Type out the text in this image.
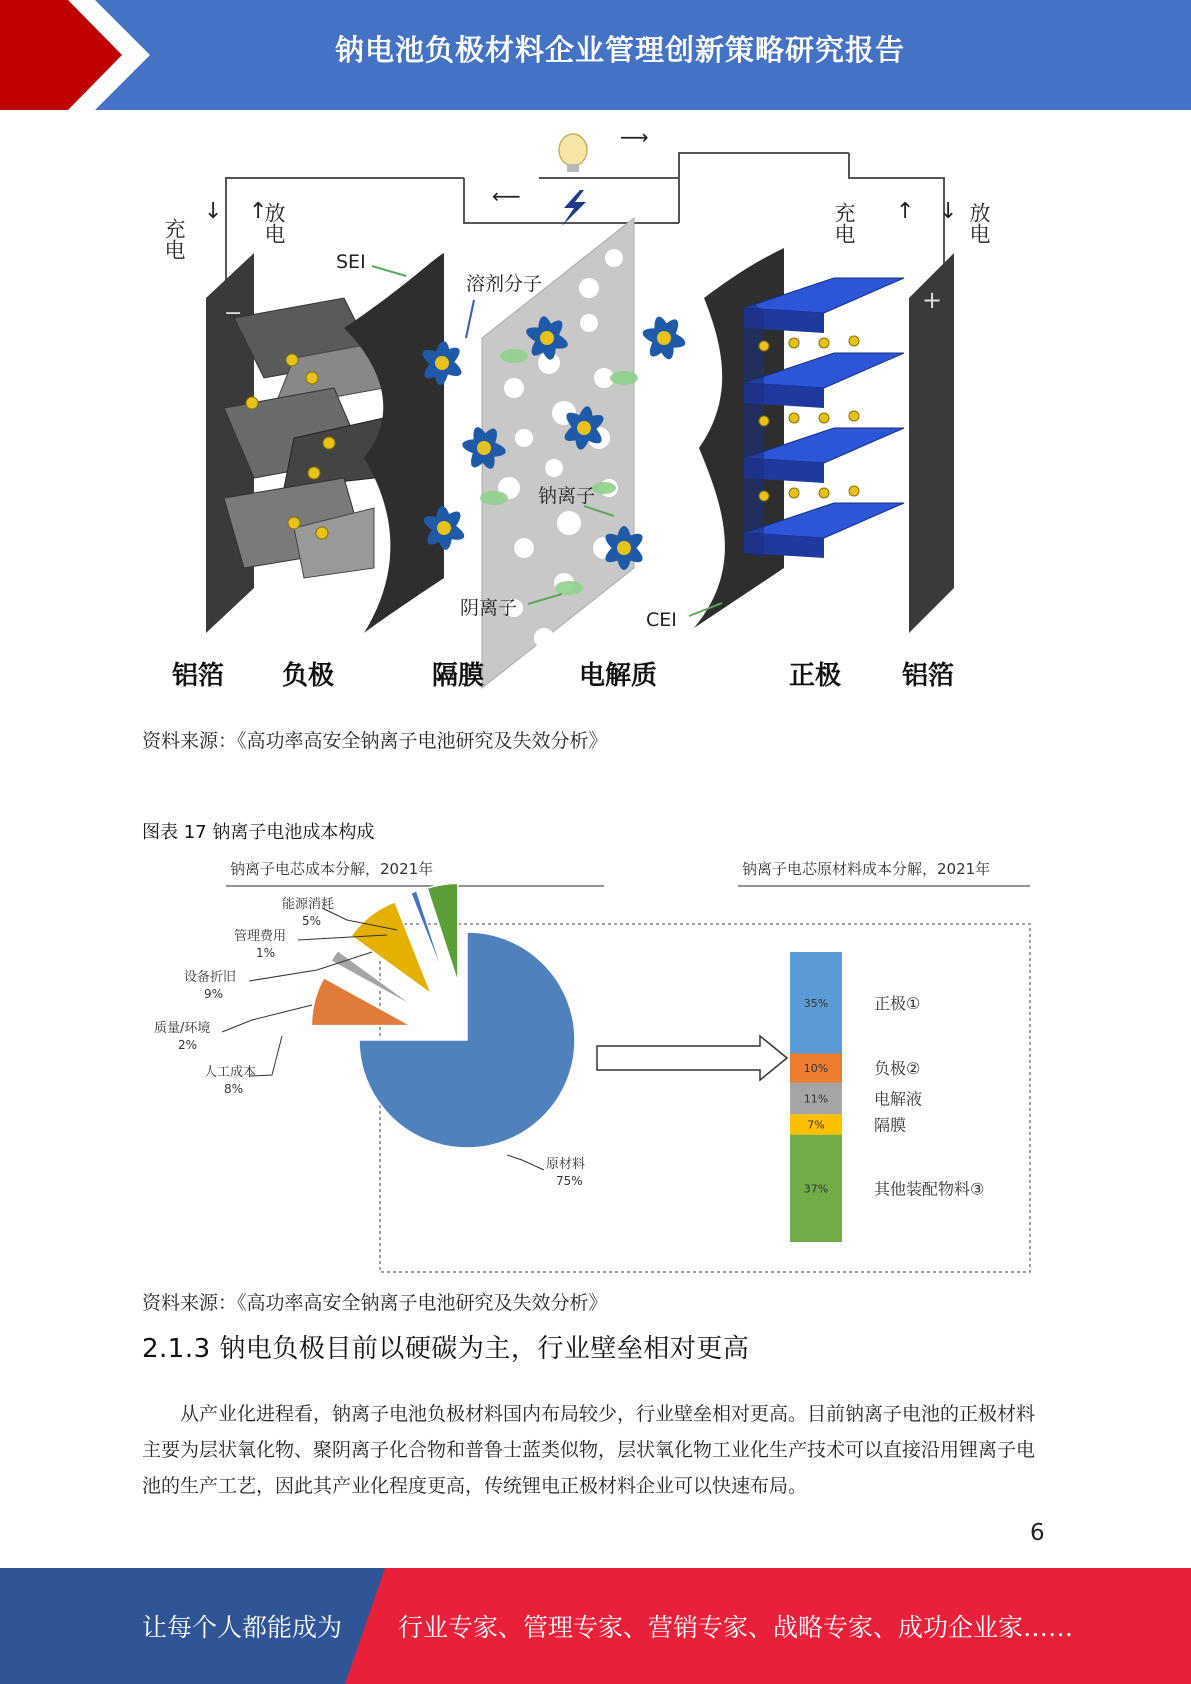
钠电池负极材料企业管理创新策略研究报告
⟶
⟵
充电
↓ ↑
放电	充电 ↑ ↓ 放电
−
SEI
溶剂分子
钠离子
阴离子
CEI
+
铝箔 负极	隔膜	电解质	正极 铝箔
资料来源：《高功率高安全钠离子电池研究及失效分析》
图表 17 钠离子电池成本构成
钠离子电芯成本分解，2021年	钠离子电芯原材料成本分解，2021年
能源消耗
5%
管理费用
1%
设备折旧
9%
质量/环境
2%
人工成本
8%
原材料
75%
35%	正极①
10%	负极②
11%	电解液
7%	隔膜
37%	其他装配物料③
资料来源：《高功率高安全钠离子电池研究及失效分析》
2.1.3 钠电负极目前以硬碳为主，行业壁垒相对更高

从产业化进程看，钠离子电池负极材料国内布局较少，行业壁垒相对更高。目前钠离子电池的正极材料主要为层状氧化物、聚阴离子化合物和普鲁士蓝类似物，层状氧化物工业化生产技术可以直接沿用锂离子电池的生产工艺，因此其产业化程度更高，传统锂电正极材料企业可以快速布局。

6
让每个人都能成为 行业专家、管理专家、营销专家、战略专家、成功企业家……
